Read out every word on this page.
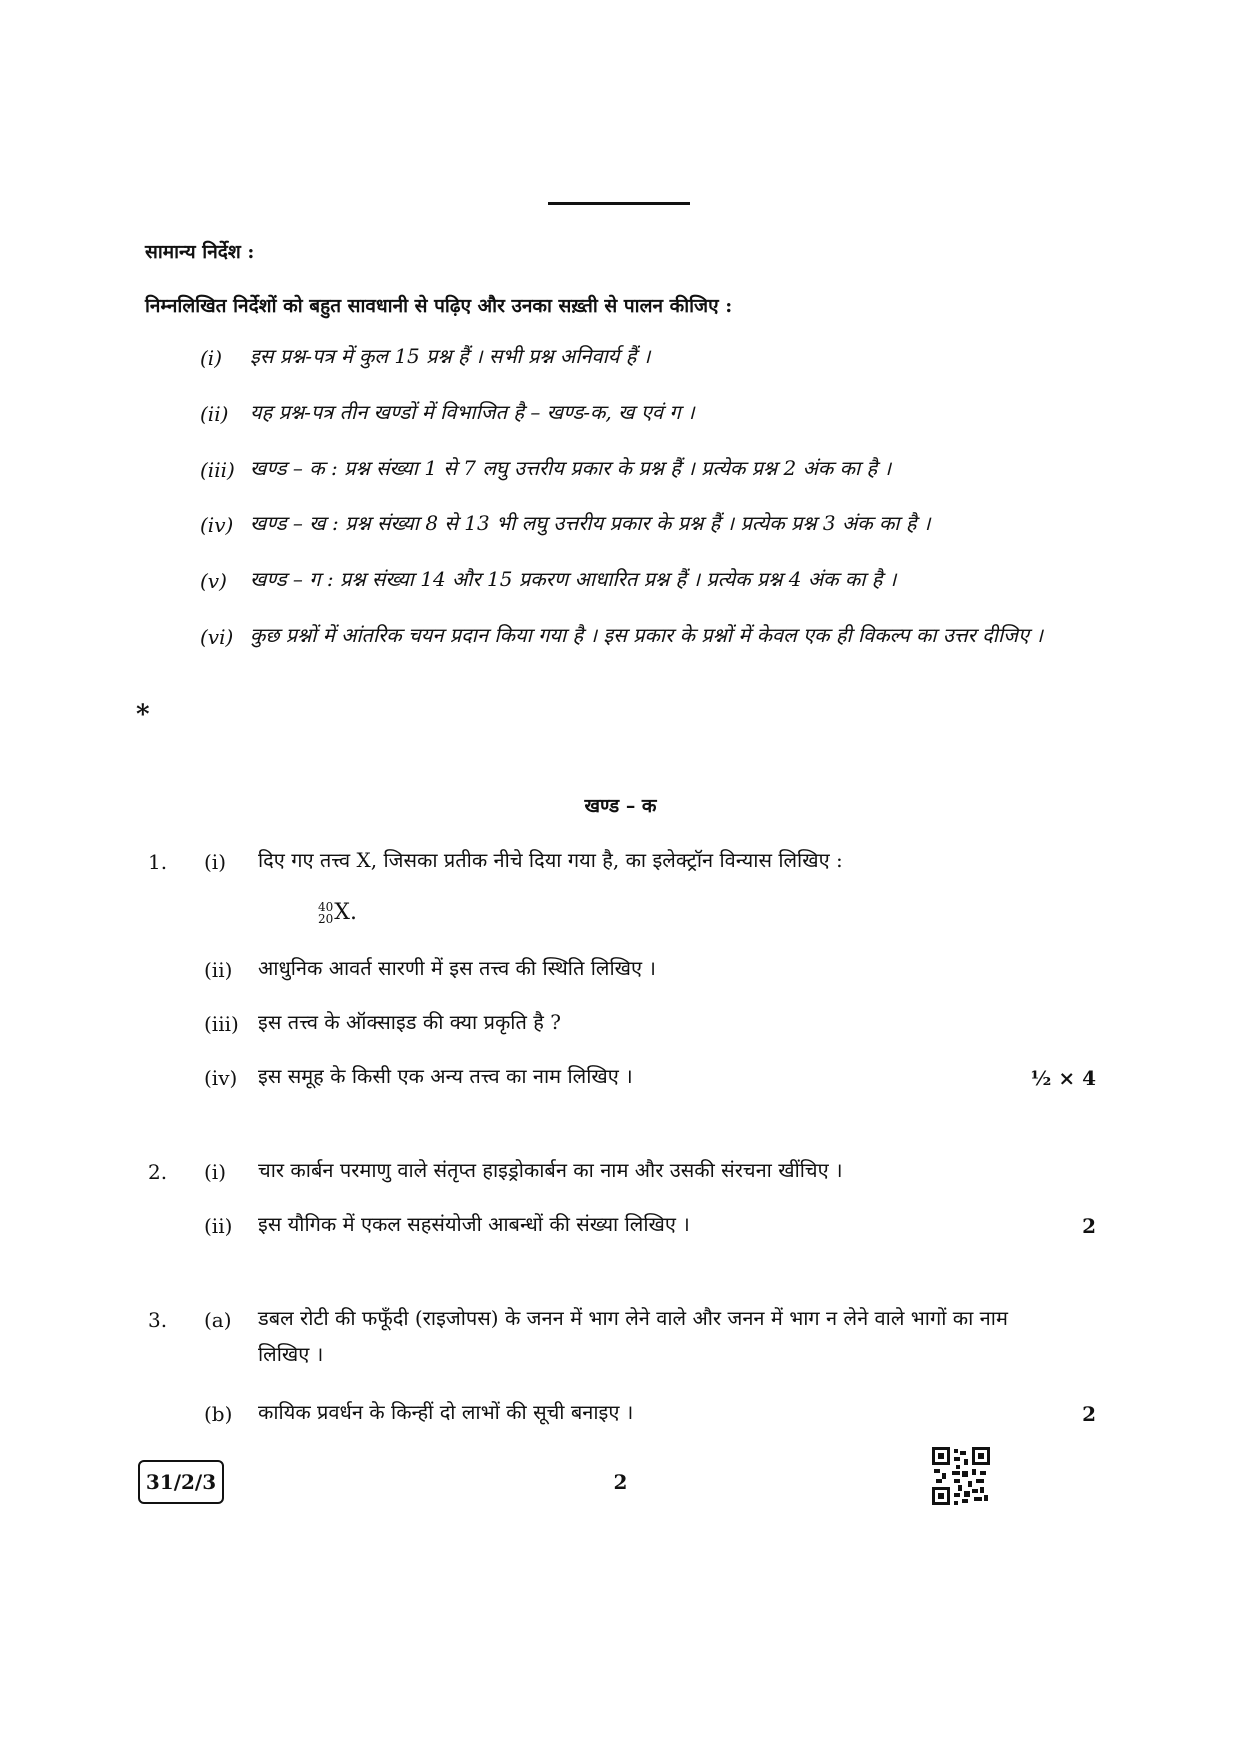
सामान्य निर्देश :
निम्नलिखित निर्देशों को बहुत सावधानी से पढ़िए और उनका सख़्ती से पालन कीजिए :
(i) इस प्रश्न-पत्र में कुल 15 प्रश्न हैं । सभी प्रश्न अनिवार्य हैं ।
(ii) यह प्रश्न-पत्र तीन खण्डों में विभाजित है – खण्ड-क, ख एवं ग ।
(iii) खण्ड – क : प्रश्न संख्या 1 से 7 लघु उत्तरीय प्रकार के प्रश्न हैं । प्रत्येक प्रश्न 2 अंक का है ।
(iv) खण्ड – ख : प्रश्न संख्या 8 से 13 भी लघु उत्तरीय प्रकार के प्रश्न हैं । प्रत्येक प्रश्न 3 अंक का है ।
(v) खण्ड – ग : प्रश्न संख्या 14 और 15 प्रकरण आधारित प्रश्न हैं । प्रत्येक प्रश्न 4 अंक का है ।
(vi) कुछ प्रश्नों में आंतरिक चयन प्रदान किया गया है । इस प्रकार के प्रश्नों में केवल एक ही विकल्प का उत्तर दीजिए ।
*
खण्ड – क
1. (i) दिए गए तत्त्व X, जिसका प्रतीक नीचे दिया गया है, का इलेक्ट्रॉन विन्यास लिखिए :
40
20 X.
(ii) आधुनिक आवर्त सारणी में इस तत्त्व की स्थिति लिखिए ।
(iii) इस तत्त्व के ऑक्साइड की क्या प्रकृति है ?
(iv) इस समूह के किसी एक अन्य तत्त्व का नाम लिखिए ।	½ × 4
2. (i) चार कार्बन परमाणु वाले संतृप्त हाइड्रोकार्बन का नाम और उसकी संरचना खींचिए ।
(ii) इस यौगिक में एकल सहसंयोजी आबन्धों की संख्या लिखिए ।	2
3. (a) डबल रोटी की फफूँदी (राइजोपस) के जनन में भाग लेने वाले और जनन में भाग न लेने वाले भागों का नाम लिखिए ।
(b) कायिक प्रवर्धन के किन्हीं दो लाभों की सूची बनाइए ।	2
31/2/3	2
